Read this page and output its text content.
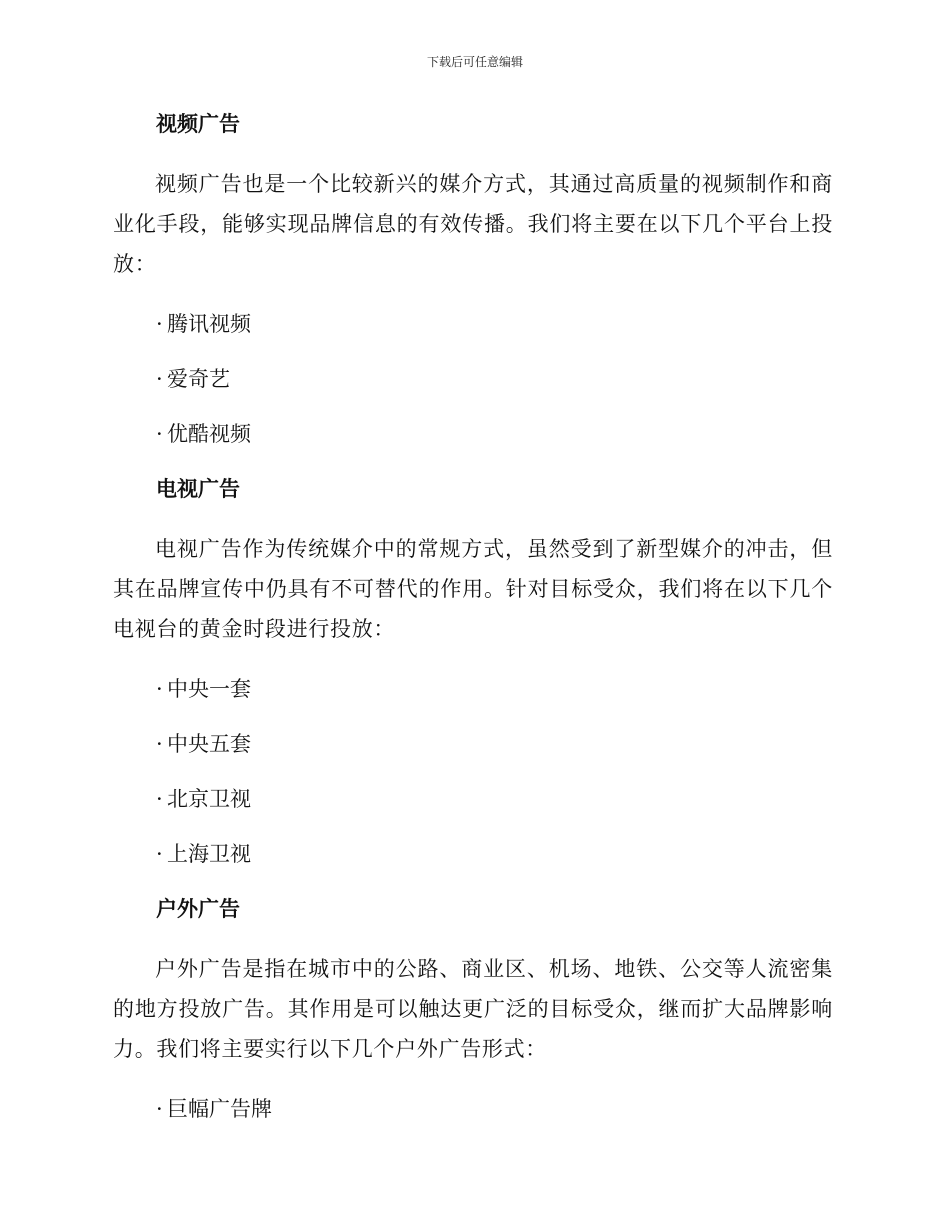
下载后可任意编辑
视频广告

视频广告也是一个比较新兴的媒介方式，其通过高质量的视频制作和商业化手段，能够实现品牌信息的有效传播。我们将主要在以下几个平台上投放：

· 腾讯视频
· 爱奇艺
· 优酷视频
电视广告

电视广告作为传统媒介中的常规方式，虽然受到了新型媒介的冲击，但其在品牌宣传中仍具有不可替代的作用。针对目标受众，我们将在以下几个电视台的黄金时段进行投放：

· 中央一套
· 中央五套
· 北京卫视
· 上海卫视
户外广告

户外广告是指在城市中的公路、商业区、机场、地铁、公交等人流密集的地方投放广告。其作用是可以触达更广泛的目标受众，继而扩大品牌影响力。我们将主要实行以下几个户外广告形式：

· 巨幅广告牌
